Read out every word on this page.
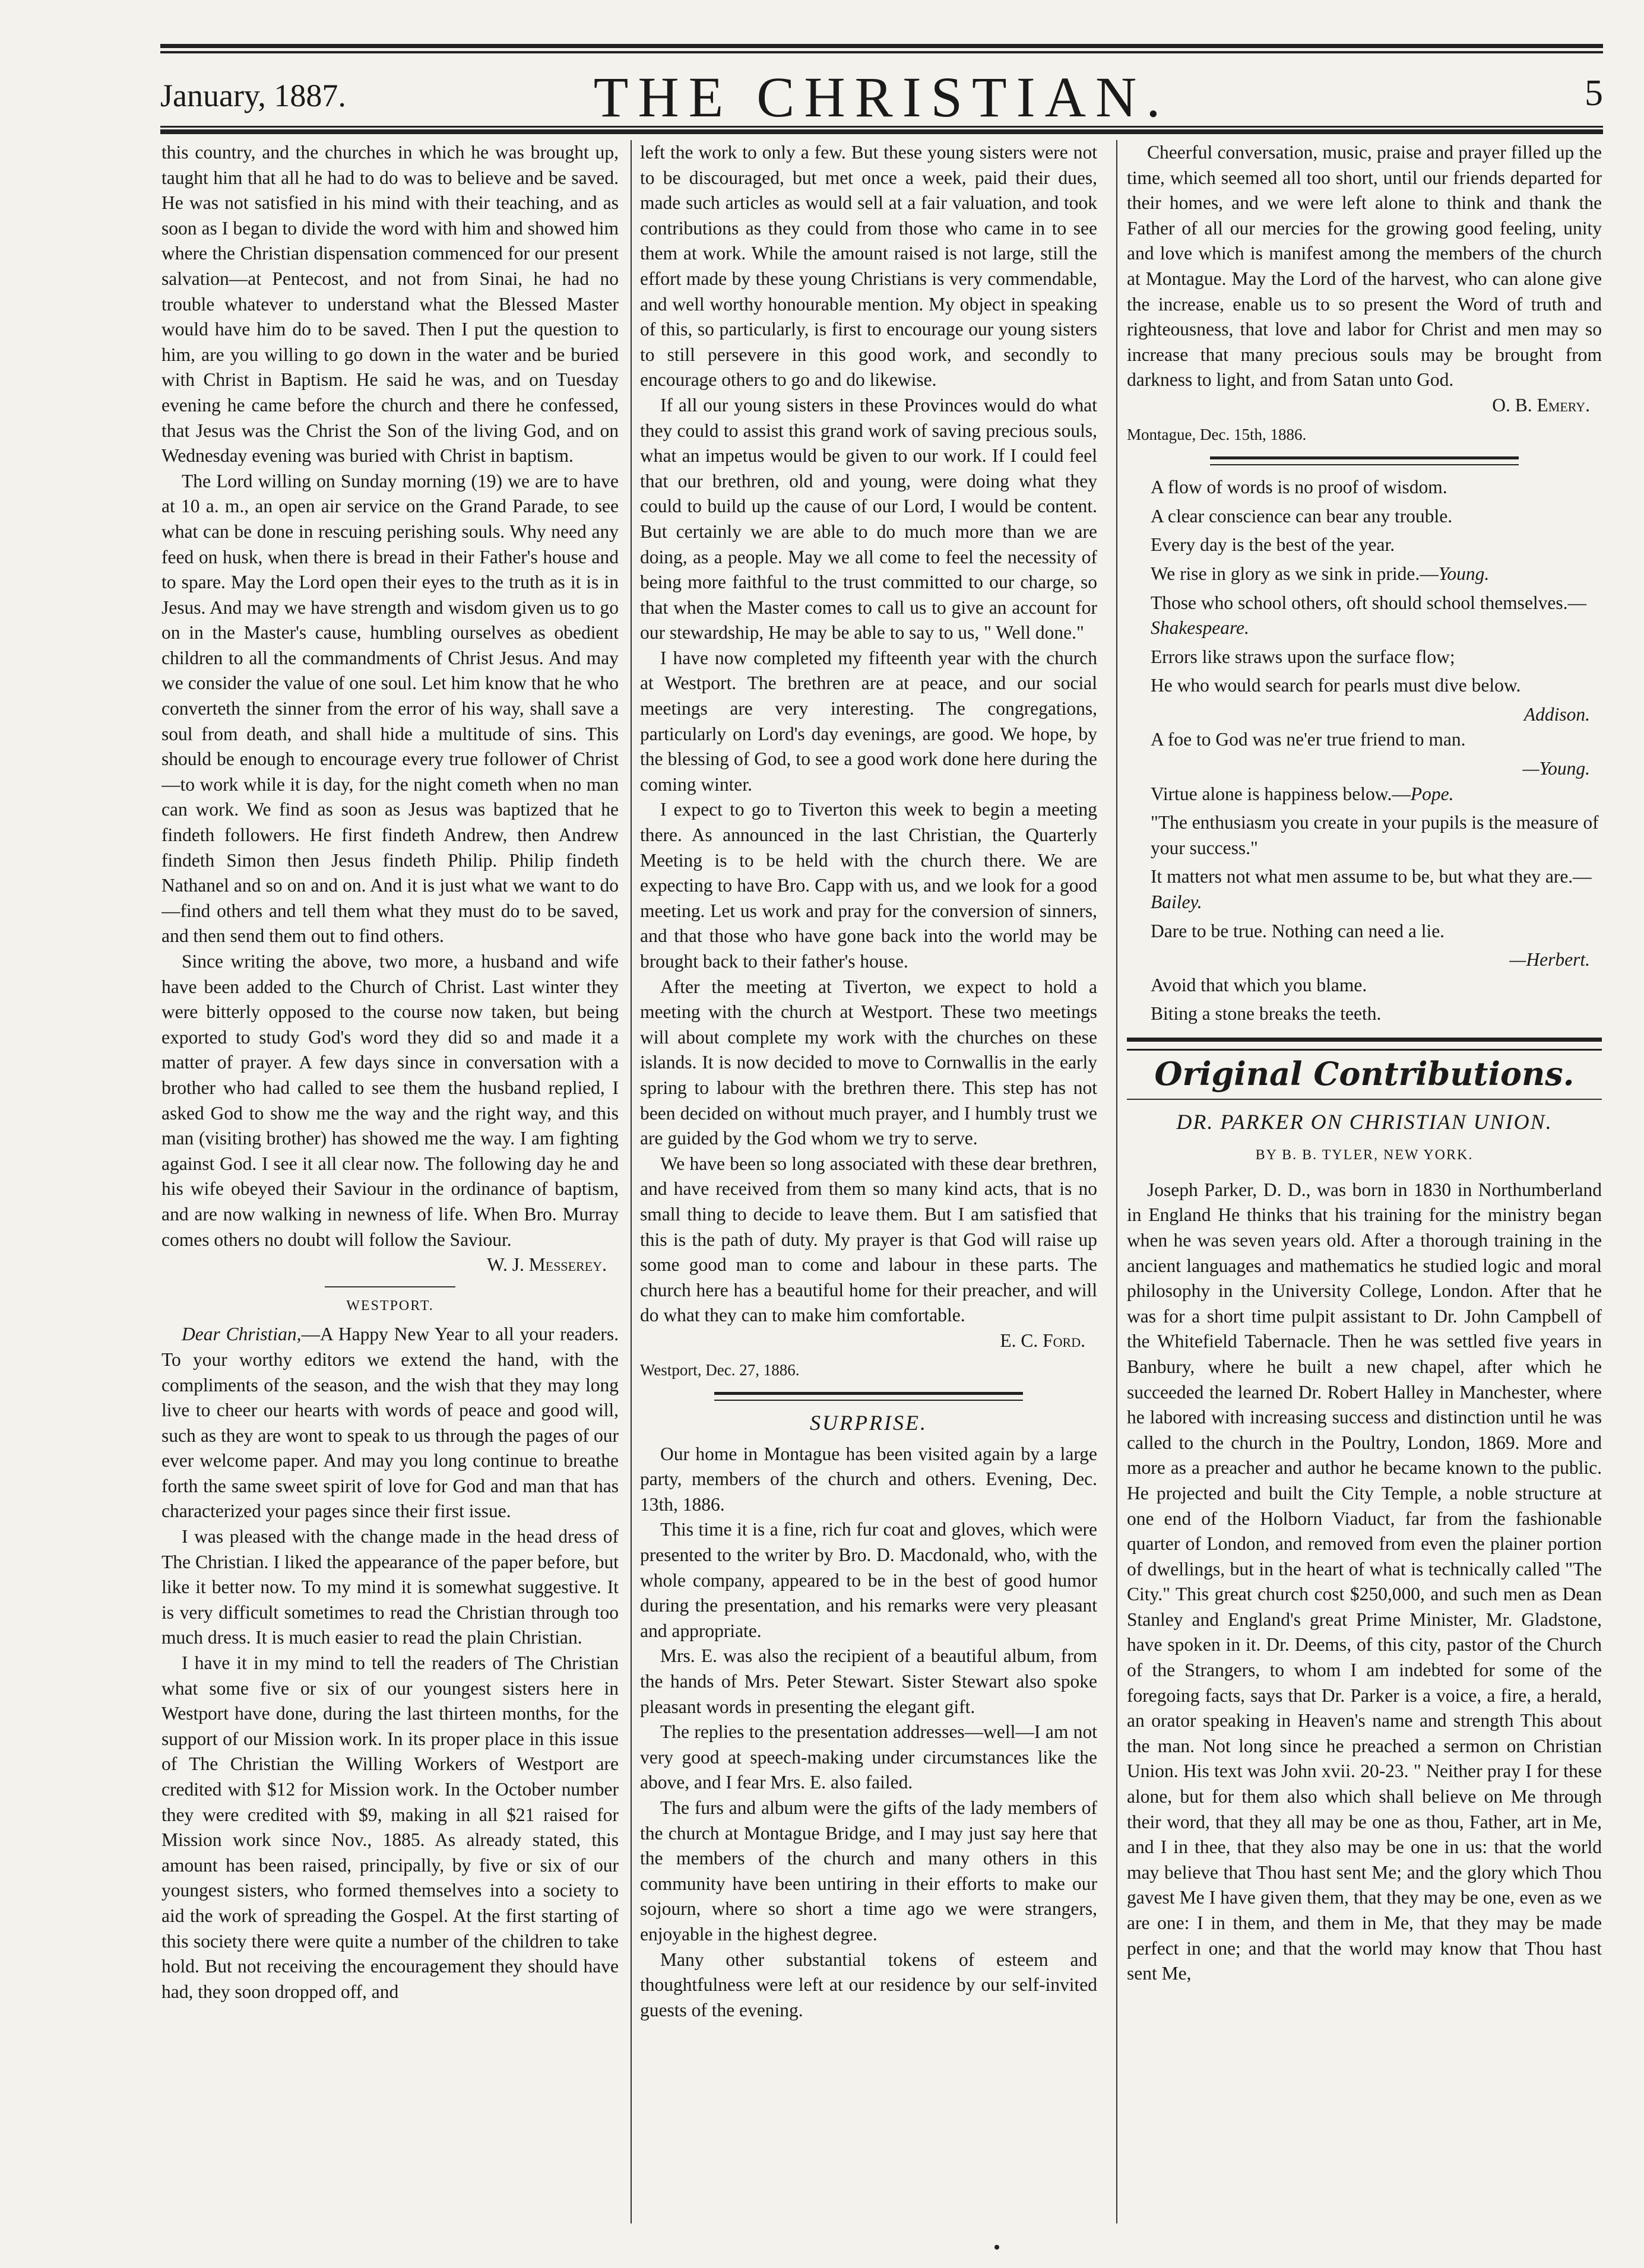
January, 1887.	THE CHRISTIAN.	5

this country, and the churches in which he was brought up, taught him that all he had to do was to believe and be saved. He was not satisfied in his mind with their teaching, and as soon as I began to divide the word with him and showed him where the Christian dispensation commenced for our present salvation—at Pentecost, and not from Sinai, he had no trouble whatever to understand what the Blessed Master would have him do to be saved. Then I put the question to him, are you willing to go down in the water and be buried with Christ in Baptism. He said he was, and on Tuesday evening he came before the church and there he confessed, that Jesus was the Christ the Son of the living God, and on Wednesday evening was buried with Christ in baptism.

The Lord willing on Sunday morning (19) we are to have at 10 a. m., an open air service on the Grand Parade, to see what can be done in rescuing perishing souls. Why need any feed on husk, when there is bread in their Father's house and to spare. May the Lord open their eyes to the truth as it is in Jesus. And may we have strength and wisdom given us to go on in the Master's cause, humbling ourselves as obedient children to all the commandments of Christ Jesus. And may we consider the value of one soul. Let him know that he who converteth the sinner from the error of his way, shall save a soul from death, and shall hide a multitude of sins. This should be enough to encourage every true follower of Christ—to work while it is day, for the night cometh when no man can work. We find as soon as Jesus was baptized that he findeth followers. He first findeth Andrew, then Andrew findeth Simon then Jesus findeth Philip. Philip findeth Nathanel and so on and on. And it is just what we want to do—find others and tell them what they must do to be saved, and then send them out to find others.

Since writing the above, two more, a husband and wife have been added to the Church of Christ. Last winter they were bitterly opposed to the course now taken, but being exported to study God's word they did so and made it a matter of prayer. A few days since in conversation with a brother who had called to see them the husband replied, I asked God to show me the way and the right way, and this man (visiting brother) has showed me the way. I am fighting against God. I see it all clear now. The following day he and his wife obeyed their Saviour in the ordinance of baptism, and are now walking in newness of life. When Bro. Murray comes others no doubt will follow the Saviour.

W. J. Messerey.
WESTPORT.

Dear Christian,—A Happy New Year to all your readers. To your worthy editors we extend the hand, with the compliments of the season, and the wish that they may long live to cheer our hearts with words of peace and good will, such as they are wont to speak to us through the pages of our ever welcome paper. And may you long continue to breathe forth the same sweet spirit of love for God and man that has characterized your pages since their first issue.

I was pleased with the change made in the head dress of The Christian. I liked the appearance of the paper before, but like it better now. To my mind it is somewhat suggestive. It is very difficult sometimes to read the Christian through too much dress. It is much easier to read the plain Christian.

I have it in my mind to tell the readers of The Christian what some five or six of our youngest sisters here in Westport have done, during the last thirteen months, for the support of our Mission work. In its proper place in this issue of The Christian the Willing Workers of Westport are credited with $12 for Mission work. In the October number they were credited with $9, making in all $21 raised for Mission work since Nov., 1885. As already stated, this amount has been raised, principally, by five or six of our youngest sisters, who formed themselves into a society to aid the work of spreading the Gospel. At the first starting of this society there were quite a number of the children to take hold. But not receiving the encouragement they should have had, they soon dropped off, and

left the work to only a few. But these young sisters were not to be discouraged, but met once a week, paid their dues, made such articles as would sell at a fair valuation, and took contributions as they could from those who came in to see them at work. While the amount raised is not large, still the effort made by these young Christians is very commendable, and well worthy honourable mention. My object in speaking of this, so particularly, is first to encourage our young sisters to still persevere in this good work, and secondly to encourage others to go and do likewise.

If all our young sisters in these Provinces would do what they could to assist this grand work of saving precious souls, what an impetus would be given to our work. If I could feel that our brethren, old and young, were doing what they could to build up the cause of our Lord, I would be content. But certainly we are able to do much more than we are doing, as a people. May we all come to feel the necessity of being more faithful to the trust committed to our charge, so that when the Master comes to call us to give an account for our stewardship, He may be able to say to us, " Well done."

I have now completed my fifteenth year with the church at Westport. The brethren are at peace, and our social meetings are very interesting. The congregations, particularly on Lord's day evenings, are good. We hope, by the blessing of God, to see a good work done here during the coming winter.

I expect to go to Tiverton this week to begin a meeting there. As announced in the last Christian, the Quarterly Meeting is to be held with the church there. We are expecting to have Bro. Capp with us, and we look for a good meeting. Let us work and pray for the conversion of sinners, and that those who have gone back into the world may be brought back to their father's house.

After the meeting at Tiverton, we expect to hold a meeting with the church at Westport. These two meetings will about complete my work with the churches on these islands. It is now decided to move to Cornwallis in the early spring to labour with the brethren there. This step has not been decided on without much prayer, and I humbly trust we are guided by the God whom we try to serve.

We have been so long associated with these dear brethren, and have received from them so many kind acts, that is no small thing to decide to leave them. But I am satisfied that this is the path of duty. My prayer is that God will raise up some good man to come and labour in these parts. The church here has a beautiful home for their preacher, and will do what they can to make him comfortable.

E. C. Ford.
Westport, Dec. 27, 1886.
SURPRISE.

Our home in Montague has been visited again by a large party, members of the church and others. Evening, Dec. 13th, 1886.

This time it is a fine, rich fur coat and gloves, which were presented to the writer by Bro. D. Macdonald, who, with the whole company, appeared to be in the best of good humor during the presentation, and his remarks were very pleasant and appropriate.

Mrs. E. was also the recipient of a beautiful album, from the hands of Mrs. Peter Stewart. Sister Stewart also spoke pleasant words in presenting the elegant gift.

The replies to the presentation addresses—well—I am not very good at speech-making under circumstances like the above, and I fear Mrs. E. also failed.

The furs and album were the gifts of the lady members of the church at Montague Bridge, and I may just say here that the members of the church and many others in this community have been untiring in their efforts to make our sojourn, where so short a time ago we were strangers, enjoyable in the highest degree.

Many other substantial tokens of esteem and thoughtfulness were left at our residence by our self-invited guests of the evening.

Cheerful conversation, music, praise and prayer filled up the time, which seemed all too short, until our friends departed for their homes, and we were left alone to think and thank the Father of all our mercies for the growing good feeling, unity and love which is manifest among the members of the church at Montague. May the Lord of the harvest, who can alone give the increase, enable us to so present the Word of truth and righteousness, that love and labor for Christ and men may so increase that many precious souls may be brought from darkness to light, and from Satan unto God.

O. B. Emery.
Montague, Dec. 15th, 1886.

A flow of words is no proof of wisdom.

A clear conscience can bear any trouble.

Every day is the best of the year.

We rise in glory as we sink in pride.—Young.

Those who school others, oft should school themselves.—Shakespeare.

Errors like straws upon the surface flow;

He who would search for pearls must dive below.

Addison.

A foe to God was ne'er true friend to man.

—Young.

Virtue alone is happiness below.—Pope.

"The enthusiasm you create in your pupils is the measure of your success."

It matters not what men assume to be, but what they are.—Bailey.

Dare to be true. Nothing can need a lie.

—Herbert.

Avoid that which you blame.

Biting a stone breaks the teeth.

Original Contributions.
DR. PARKER ON CHRISTIAN UNION.
BY B. B. TYLER, NEW YORK.

Joseph Parker, D. D., was born in 1830 in Northumberland in England He thinks that his training for the ministry began when he was seven years old. After a thorough training in the ancient languages and mathematics he studied logic and moral philosophy in the University College, London. After that he was for a short time pulpit assistant to Dr. John Campbell of the Whitefield Tabernacle. Then he was settled five years in Banbury, where he built a new chapel, after which he succeeded the learned Dr. Robert Halley in Manchester, where he labored with increasing success and distinction until he was called to the church in the Poultry, London, 1869. More and more as a preacher and author he became known to the public. He projected and built the City Temple, a noble structure at one end of the Holborn Viaduct, far from the fashionable quarter of London, and removed from even the plainer portion of dwellings, but in the heart of what is technically called "The City." This great church cost $250,000, and such men as Dean Stanley and England's great Prime Minister, Mr. Gladstone, have spoken in it. Dr. Deems, of this city, pastor of the Church of the Strangers, to whom I am indebted for some of the foregoing facts, says that Dr. Parker is a voice, a fire, a herald, an orator speaking in Heaven's name and strength This about the man. Not long since he preached a sermon on Christian Union. His text was John xvii. 20-23. " Neither pray I for these alone, but for them also which shall believe on Me through their word, that they all may be one as thou, Father, art in Me, and I in thee, that they also may be one in us: that the world may believe that Thou hast sent Me; and the glory which Thou gavest Me I have given them, that they may be one, even as we are one: I in them, and them in Me, that they may be made perfect in one; and that the world may know that Thou hast sent Me,
